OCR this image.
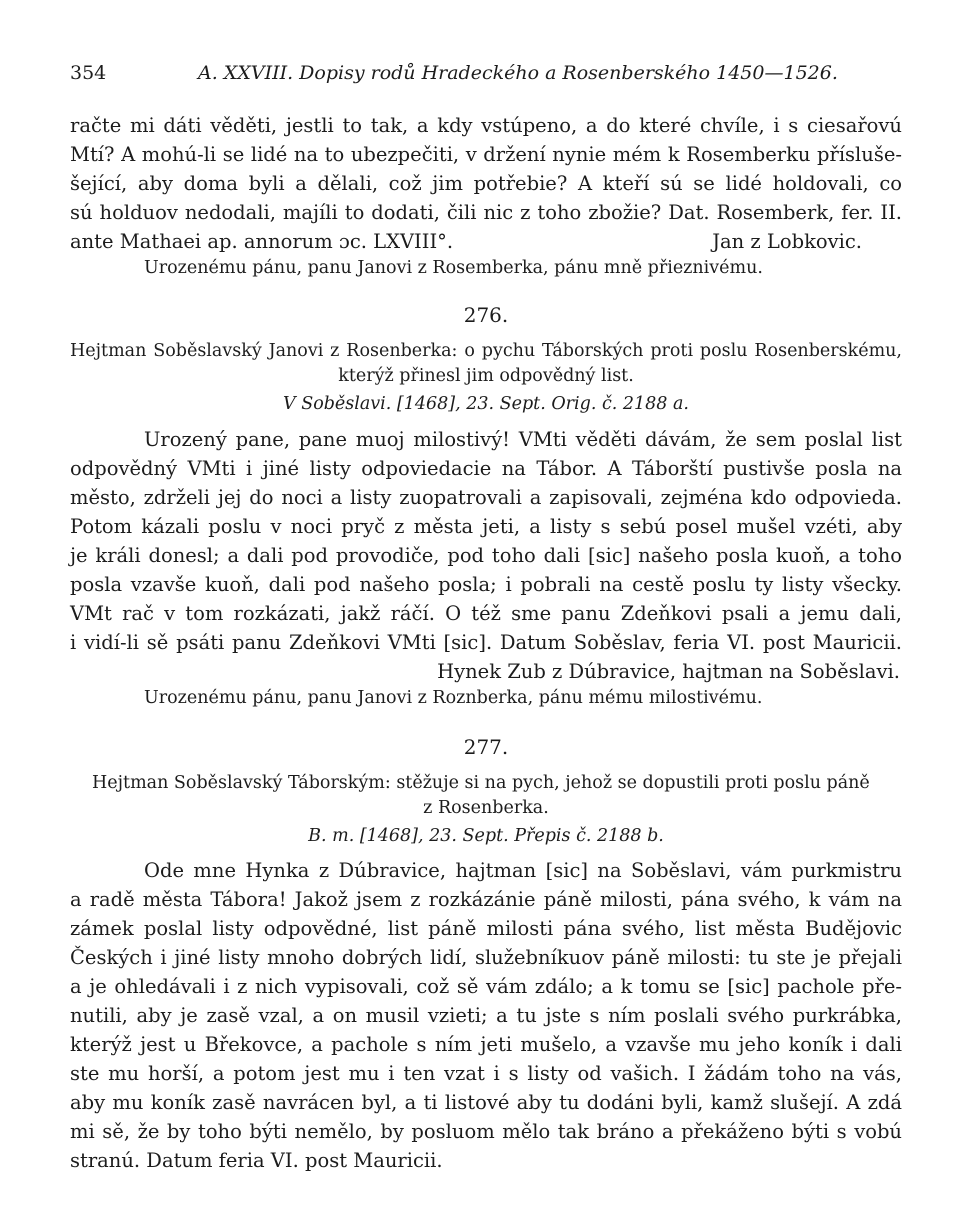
354	A. XXVIII. Dopisy rodů Hradeckého a Rosenberského 1450—1526.
račte mi dáti věděti, jestli to tak, a kdy vstúpeno, a do které chvíle, i s ciesařovú
Mtí? A mohú-li se lidé na to ubezpečiti, v držení nynie mém k Rosemberku přísluše-
šející, aby doma byli a dělali, což jim potřebie? A kteří sú se lidé holdovali, co
sú holduov nedodali, majíli to dodati, čili nic z toho zbožie? Dat. Rosemberk, fer. II.
ante Mathaei ap. annorum ɔc. LXVIII°.	Jan z Lobkovic.
Urozenému pánu, panu Janovi z Rosemberka, pánu mně přieznivému.
276.
Hejtman Soběslavský Janovi z Rosenberka: o pychu Táborských proti poslu Rosenberskému,
kterýž přinesl jim odpovědný list.
V Soběslavi. [1468], 23. Sept. Orig. č. 2188 a.
Urozený pane, pane muoj milostivý! VMti věděti dávám, že sem poslal list
odpovědný VMti i jiné listy odpoviedacie na Tábor. A Táborští pustivše posla na
město, zdrželi jej do noci a listy zuopatrovali a zapisovali, zejména kdo odpovieda.
Potom kázali poslu v noci pryč z města jeti, a listy s sebú posel mušel vzéti, aby
je králi donesl; a dali pod provodiče, pod toho dali [sic] našeho posla kuoň, a toho
posla vzavše kuoň, dali pod našeho posla; i pobrali na cestě poslu ty listy všecky.
VMt rač v tom rozkázati, jakž ráčí. O též sme panu Zdeňkovi psali a jemu dali,
i vidí-li sě psáti panu Zdeňkovi VMti [sic]. Datum Soběslav, feria VI. post Mauricii.
Hynek Zub z Dúbravice, hajtman na Soběslavi.
Urozenému pánu, panu Janovi z Roznberka, pánu mému milostivému.
277.
Hejtman Soběslavský Táborským: stěžuje si na pych, jehož se dopustili proti poslu páně
z Rosenberka.
B. m. [1468], 23. Sept. Přepis č. 2188 b.
Ode mne Hynka z Dúbravice, hajtman [sic] na Soběslavi, vám purkmistru
a radě města Tábora! Jakož jsem z rozkázánie páně milosti, pána svého, k vám na
zámek poslal listy odpovědné, list páně milosti pána svého, list města Budějovic
Českých i jiné listy mnoho dobrých lidí, služebníkuov páně milosti: tu ste je přejali
a je ohledávali i z nich vypisovali, což sě vám zdálo; a k tomu se [sic] pachole pře-
nutili, aby je zasě vzal, a on musil vzieti; a tu jste s ním poslali svého purkrábka,
kterýž jest u Břekovce, a pachole s ním jeti mušelo, a vzavše mu jeho koník i dali
ste mu horší, a potom jest mu i ten vzat i s listy od vašich. I žádám toho na vás,
aby mu koník zasě navrácen byl, a ti listové aby tu dodáni byli, kamž slušejí. A zdá
mi sě, že by toho býti nemělo, by posluom mělo tak bráno a překáženo býti s vobú
stranú. Datum feria VI. post Mauricii.
